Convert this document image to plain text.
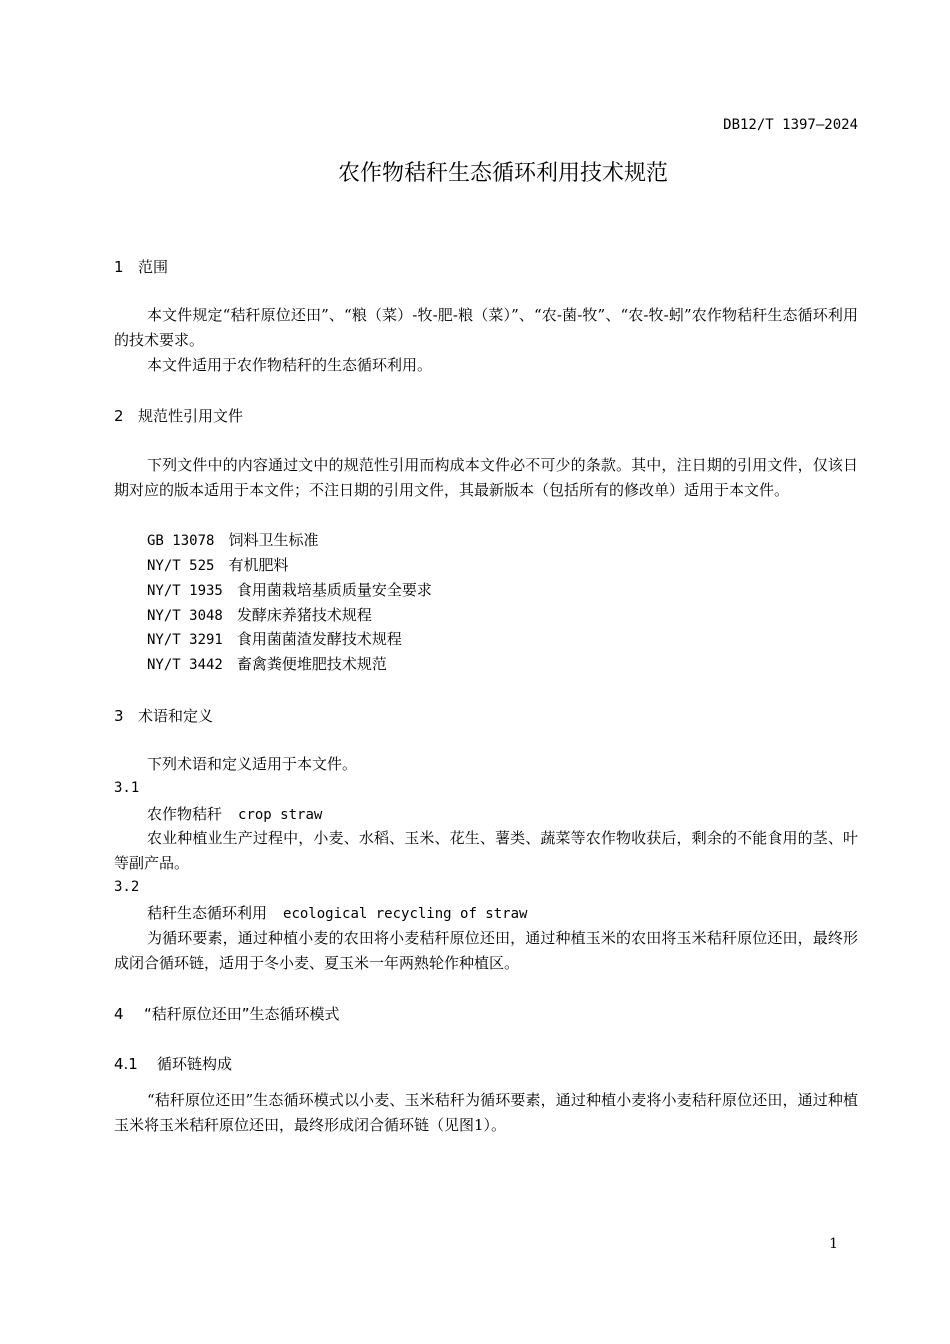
DB12/T 1397—2024
农作物秸秆生态循环利用技术规范
1 范围
本文件规定“秸秆原位还田”、“粮（菜）-牧-肥-粮（菜）”、“农-菌-牧”、“农-牧-蚓”农作物秸秆生态循环利用的技术要求。
本文件适用于农作物秸秆的生态循环利用。
2 规范性引用文件
下列文件中的内容通过文中的规范性引用而构成本文件必不可少的条款。其中，注日期的引用文件，仅该日期对应的版本适用于本文件；不注日期的引用文件，其最新版本（包括所有的修改单）适用于本文件。
GB 13078 饲料卫生标准
NY/T 525 有机肥料
NY/T 1935 食用菌栽培基质质量安全要求
NY/T 3048 发酵床养猪技术规程
NY/T 3291 食用菌菌渣发酵技术规程
NY/T 3442 畜禽粪便堆肥技术规范
3 术语和定义
下列术语和定义适用于本文件。
3.1
农作物秸秆 crop straw
农业种植业生产过程中，小麦、水稻、玉米、花生、薯类、蔬菜等农作物收获后，剩余的不能食用的茎、叶等副产品。
3.2
秸秆生态循环利用 ecological recycling of straw
为循环要素，通过种植小麦的农田将小麦秸秆原位还田，通过种植玉米的农田将玉米秸秆原位还田，最终形成闭合循环链，适用于冬小麦、夏玉米一年两熟轮作种植区。
4 “秸秆原位还田”生态循环模式
4.1 循环链构成
“秸秆原位还田”生态循环模式以小麦、玉米秸秆为循环要素，通过种植小麦将小麦秸秆原位还田，通过种植玉米将玉米秸秆原位还田，最终形成闭合循环链（见图1）。
1
